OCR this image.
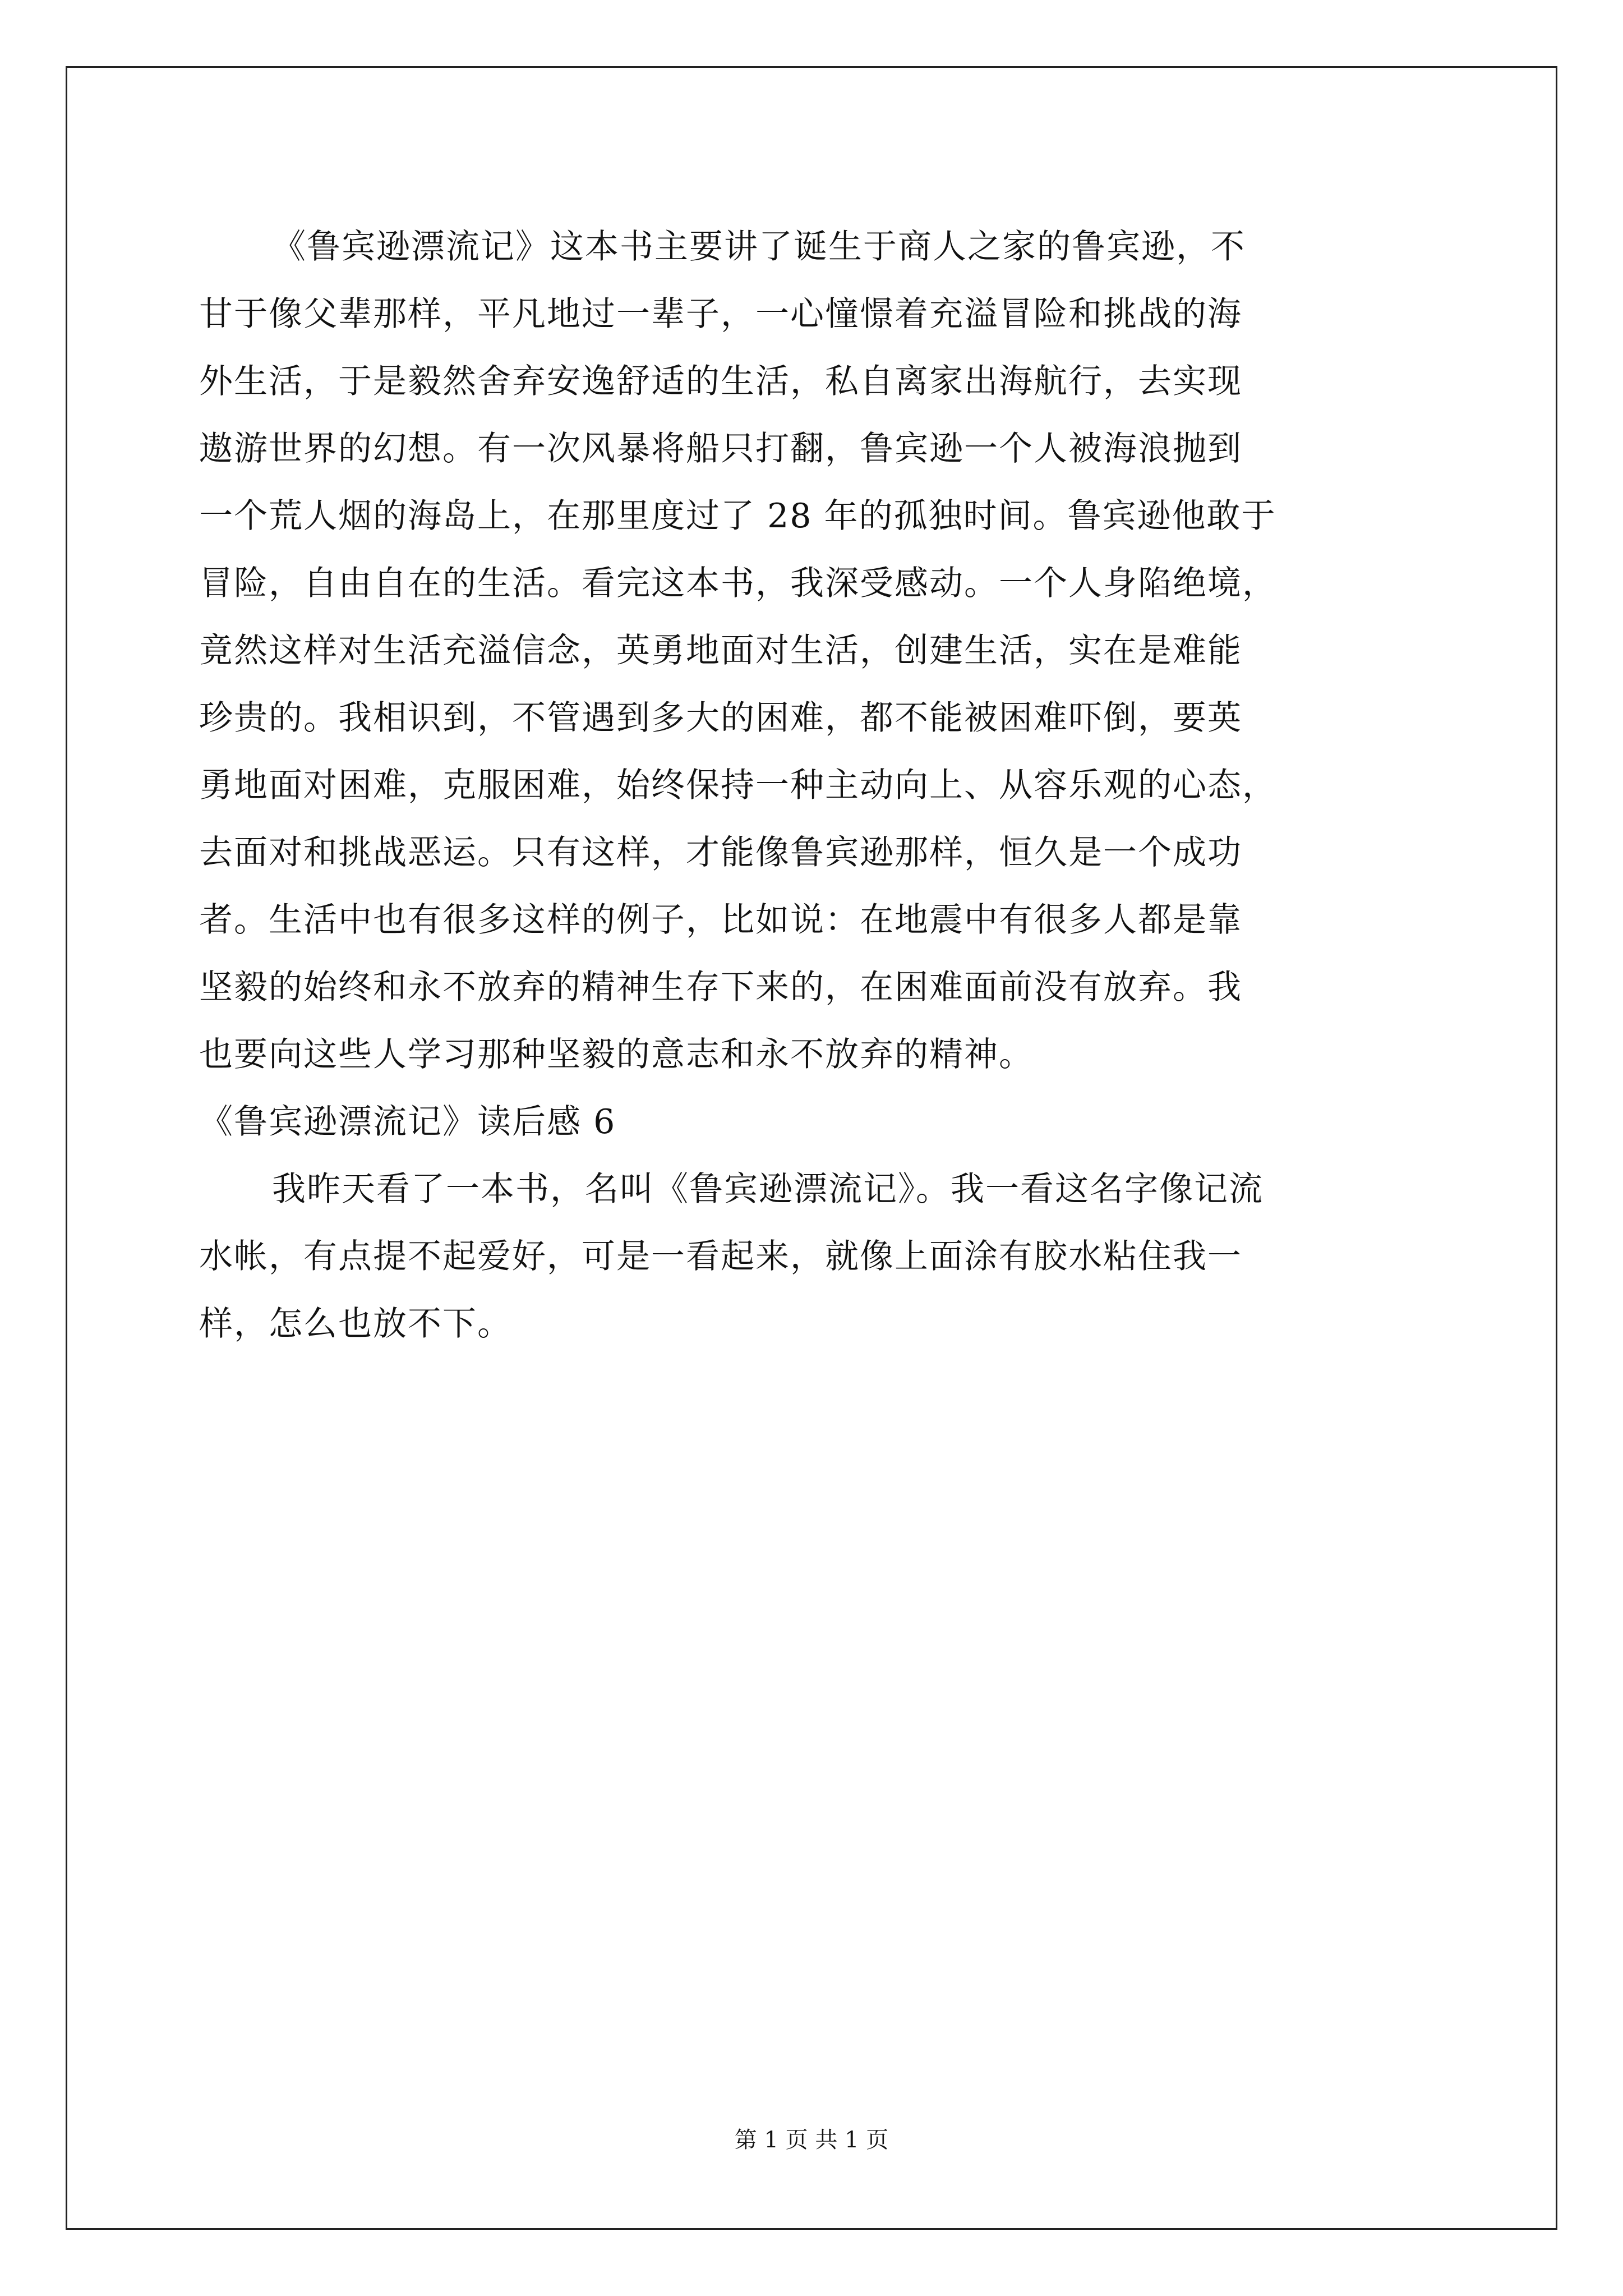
《鲁宾逊漂流记》这本书主要讲了诞生于商人之家的鲁宾逊，不
甘于像父辈那样，平凡地过一辈子，一心憧憬着充溢冒险和挑战的海
外生活，于是毅然舍弃安逸舒适的生活，私自离家出海航行，去实现
遨游世界的幻想。有一次风暴将船只打翻，鲁宾逊一个人被海浪抛到
一个荒人烟的海岛上，在那里度过了 28 年的孤独时间。鲁宾逊他敢于
冒险，自由自在的生活。看完这本书，我深受感动。一个人身陷绝境，
竟然这样对生活充溢信念，英勇地面对生活，创建生活，实在是难能
珍贵的。我相识到，不管遇到多大的困难，都不能被困难吓倒，要英
勇地面对困难，克服困难，始终保持一种主动向上、从容乐观的心态，
去面对和挑战恶运。只有这样，才能像鲁宾逊那样，恒久是一个成功
者。生活中也有很多这样的例子，比如说：在地震中有很多人都是靠
坚毅的始终和永不放弃的精神生存下来的，在困难面前没有放弃。我
也要向这些人学习那种坚毅的意志和永不放弃的精神。
《鲁宾逊漂流记》读后感 6
我昨天看了一本书，名叫《鲁宾逊漂流记》。我一看这名字像记流
水帐，有点提不起爱好，可是一看起来，就像上面涂有胶水粘住我一
样，怎么也放不下。
第 1 页 共 1 页
